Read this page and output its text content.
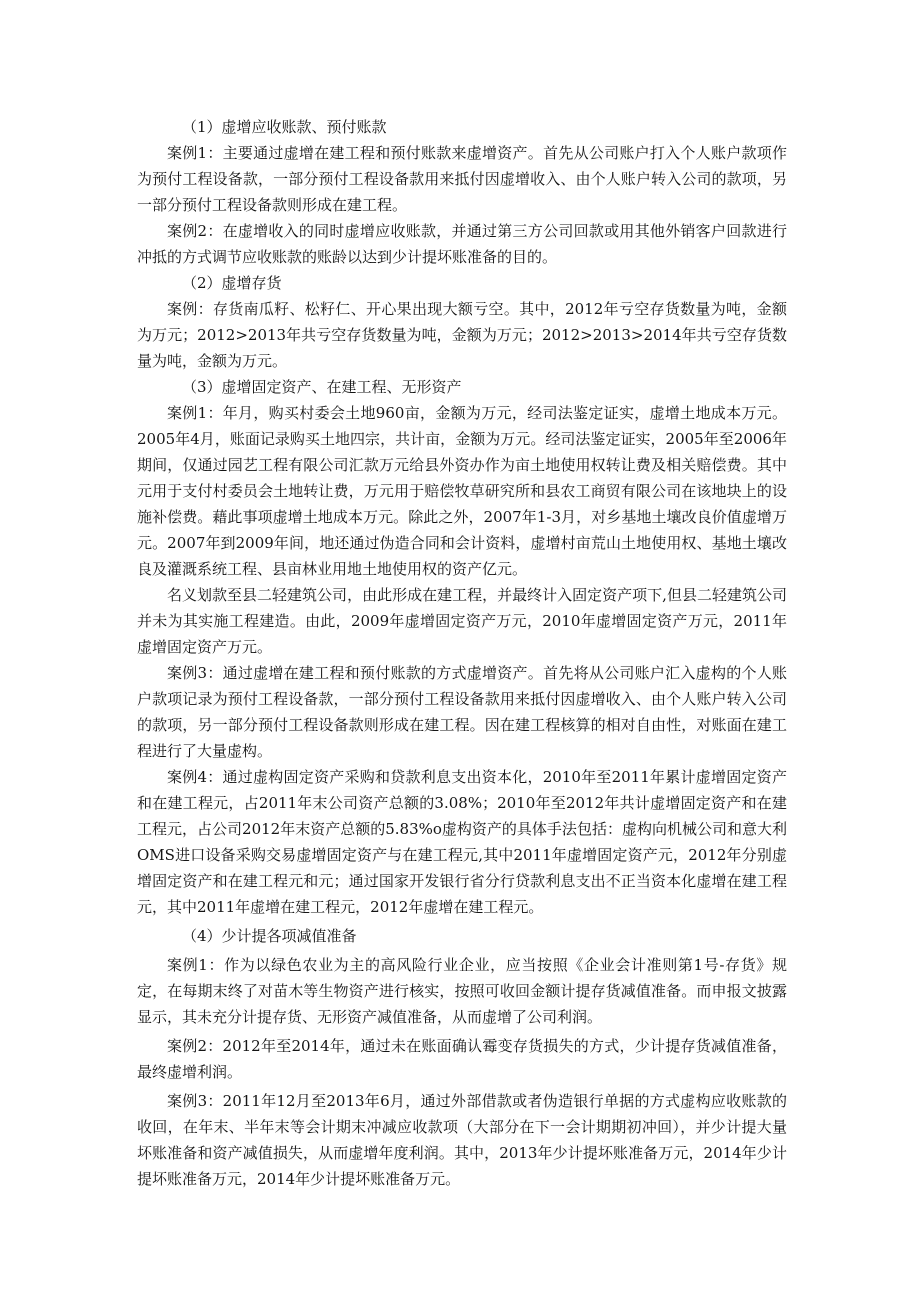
（1）虚增应收账款、预付账款

案例1：主要通过虚增在建工程和预付账款来虚增资产。首先从公司账户打入个人账户款项作为预付工程设备款，一部分预付工程设备款用来抵付因虚增收入、由个人账户转入公司的款项，另一部分预付工程设备款则形成在建工程。

案例2：在虚增收入的同时虚增应收账款，并通过第三方公司回款或用其他外销客户回款进行冲抵的方式调节应收账款的账龄以达到少计提坏账准备的目的。

（2）虚增存货

案例：存货南瓜籽、松籽仁、开心果出现大额亏空。其中，2012年亏空存货数量为吨，金额为万元；2012>2013年共亏空存货数量为吨，金额为万元；2012>2013>2014年共亏空存货数量为吨，金额为万元。

（3）虚增固定资产、在建工程、无形资产

案例1：年月，购买村委会土地960亩，金额为万元，经司法鉴定证实，虚增土地成本万元。2005年4月，账面记录购买土地四宗，共计亩，金额为万元。经司法鉴定证实，2005年至2006年期间，仅通过园艺工程有限公司汇款万元给县外资办作为亩土地使用权转让费及相关赔偿费。其中元用于支付村委员会土地转让费，万元用于赔偿牧草研究所和县农工商贸有限公司在该地块上的设施补偿费。藉此事项虚增土地成本万元。除此之外，2007年1-3月，对乡基地土壤改良价值虚增万元。2007年到2009年间，地还通过伪造合同和会计资料，虚增村亩荒山土地使用权、基地土壤改良及灌溉系统工程、县亩林业用地土地使用权的资产亿元。

名义划款至县二轻建筑公司，由此形成在建工程，并最终计入固定资产项下,但县二轻建筑公司并未为其实施工程建造。由此，2009年虚增固定资产万元，2010年虚增固定资产万元，2011年虚增固定资产万元。

案例3：通过虚增在建工程和预付账款的方式虚增资产。首先将从公司账户汇入虚构的个人账户款项记录为预付工程设备款，一部分预付工程设备款用来抵付因虚增收入、由个人账户转入公司的款项，另一部分预付工程设备款则形成在建工程。因在建工程核算的相对自由性，对账面在建工程进行了大量虚构。

案例4：通过虚构固定资产采购和贷款利息支出资本化，2010年至2011年累计虚增固定资产和在建工程元，占2011年末公司资产总额的3.08%；2010年至2012年共计虚增固定资产和在建工程元，占公司2012年末资产总额的5.83%o虚构资产的具体手法包括：虚构向机械公司和意大利OMS进口设备采购交易虚增固定资产与在建工程元,其中2011年虚增固定资产元，2012年分别虚增固定资产和在建工程元和元；通过国家开发银行省分行贷款利息支出不正当资本化虚增在建工程元，其中2011年虚增在建工程元，2012年虚增在建工程元。

（4）少计提各项减值准备

案例1：作为以绿色农业为主的高风险行业企业，应当按照《企业会计准则第1号-存货》规定，在每期末终了对苗木等生物资产进行核实，按照可收回金额计提存货减值准备。而申报文披露显示，其未充分计提存货、无形资产减值准备，从而虚增了公司利润。

案例2：2012年至2014年，通过未在账面确认霉变存货损失的方式，少计提存货减值准备，最终虚增利润。

案例3：2011年12月至2013年6月，通过外部借款或者伪造银行单据的方式虚构应收账款的收回，在年末、半年末等会计期末冲减应收款项（大部分在下一会计期期初冲回），并少计提大量坏账准备和资产减值损失，从而虚增年度利润。其中，2013年少计提坏账准备万元，2014年少计提坏账准备万元，2014年少计提坏账准备万元。
